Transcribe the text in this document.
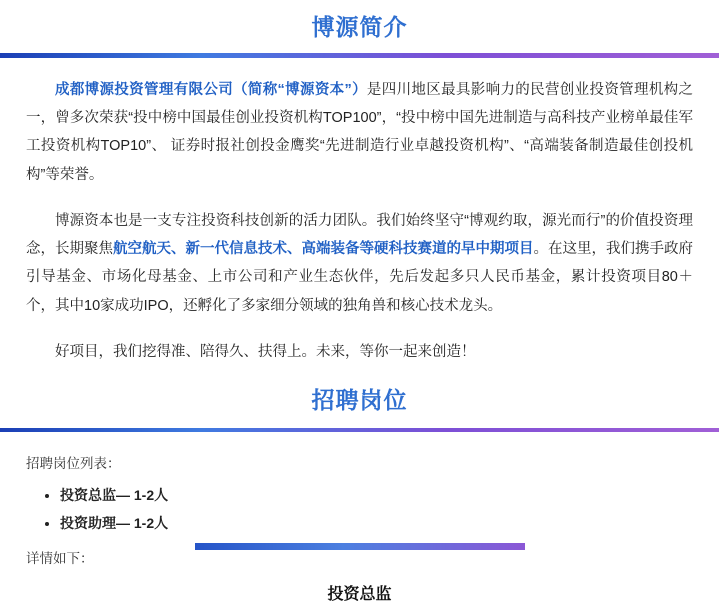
博源简介

成都博源投资管理有限公司（简称“博源资本”）是四川地区最具影响力的民营创业投资管理机构之一，曾多次荣获“投中榜中国最佳创业投资机构TOP100”，“投中榜中国先进制造与高科技产业榜单最佳军工投资机构TOP10”、 证券时报社创投金鹰奖“先进制造行业卓越投资机构”、“高端装备制造最佳创投机构”等荣誉。

博源资本也是一支专注投资科技创新的活力团队。我们始终坚守“博观约取，源光而行”的价值投资理念，长期聚焦航空航天、新一代信息技术、高端装备等硬科技赛道的早中期项目。在这里，我们携手政府引导基金、市场化母基金、上市公司和产业生态伙伴，先后发起多只人民币基金，累计投资项目80＋个，其中10家成功IPO，还孵化了多家细分领域的独角兽和核心技术龙头。

好项目，我们挖得准、陪得久、扶得上。未来，等你一起来创造！

招聘岗位

招聘岗位列表：

• 投资总监— 1-2人
• 投资助理— 1-2人

详情如下：

投资总监
